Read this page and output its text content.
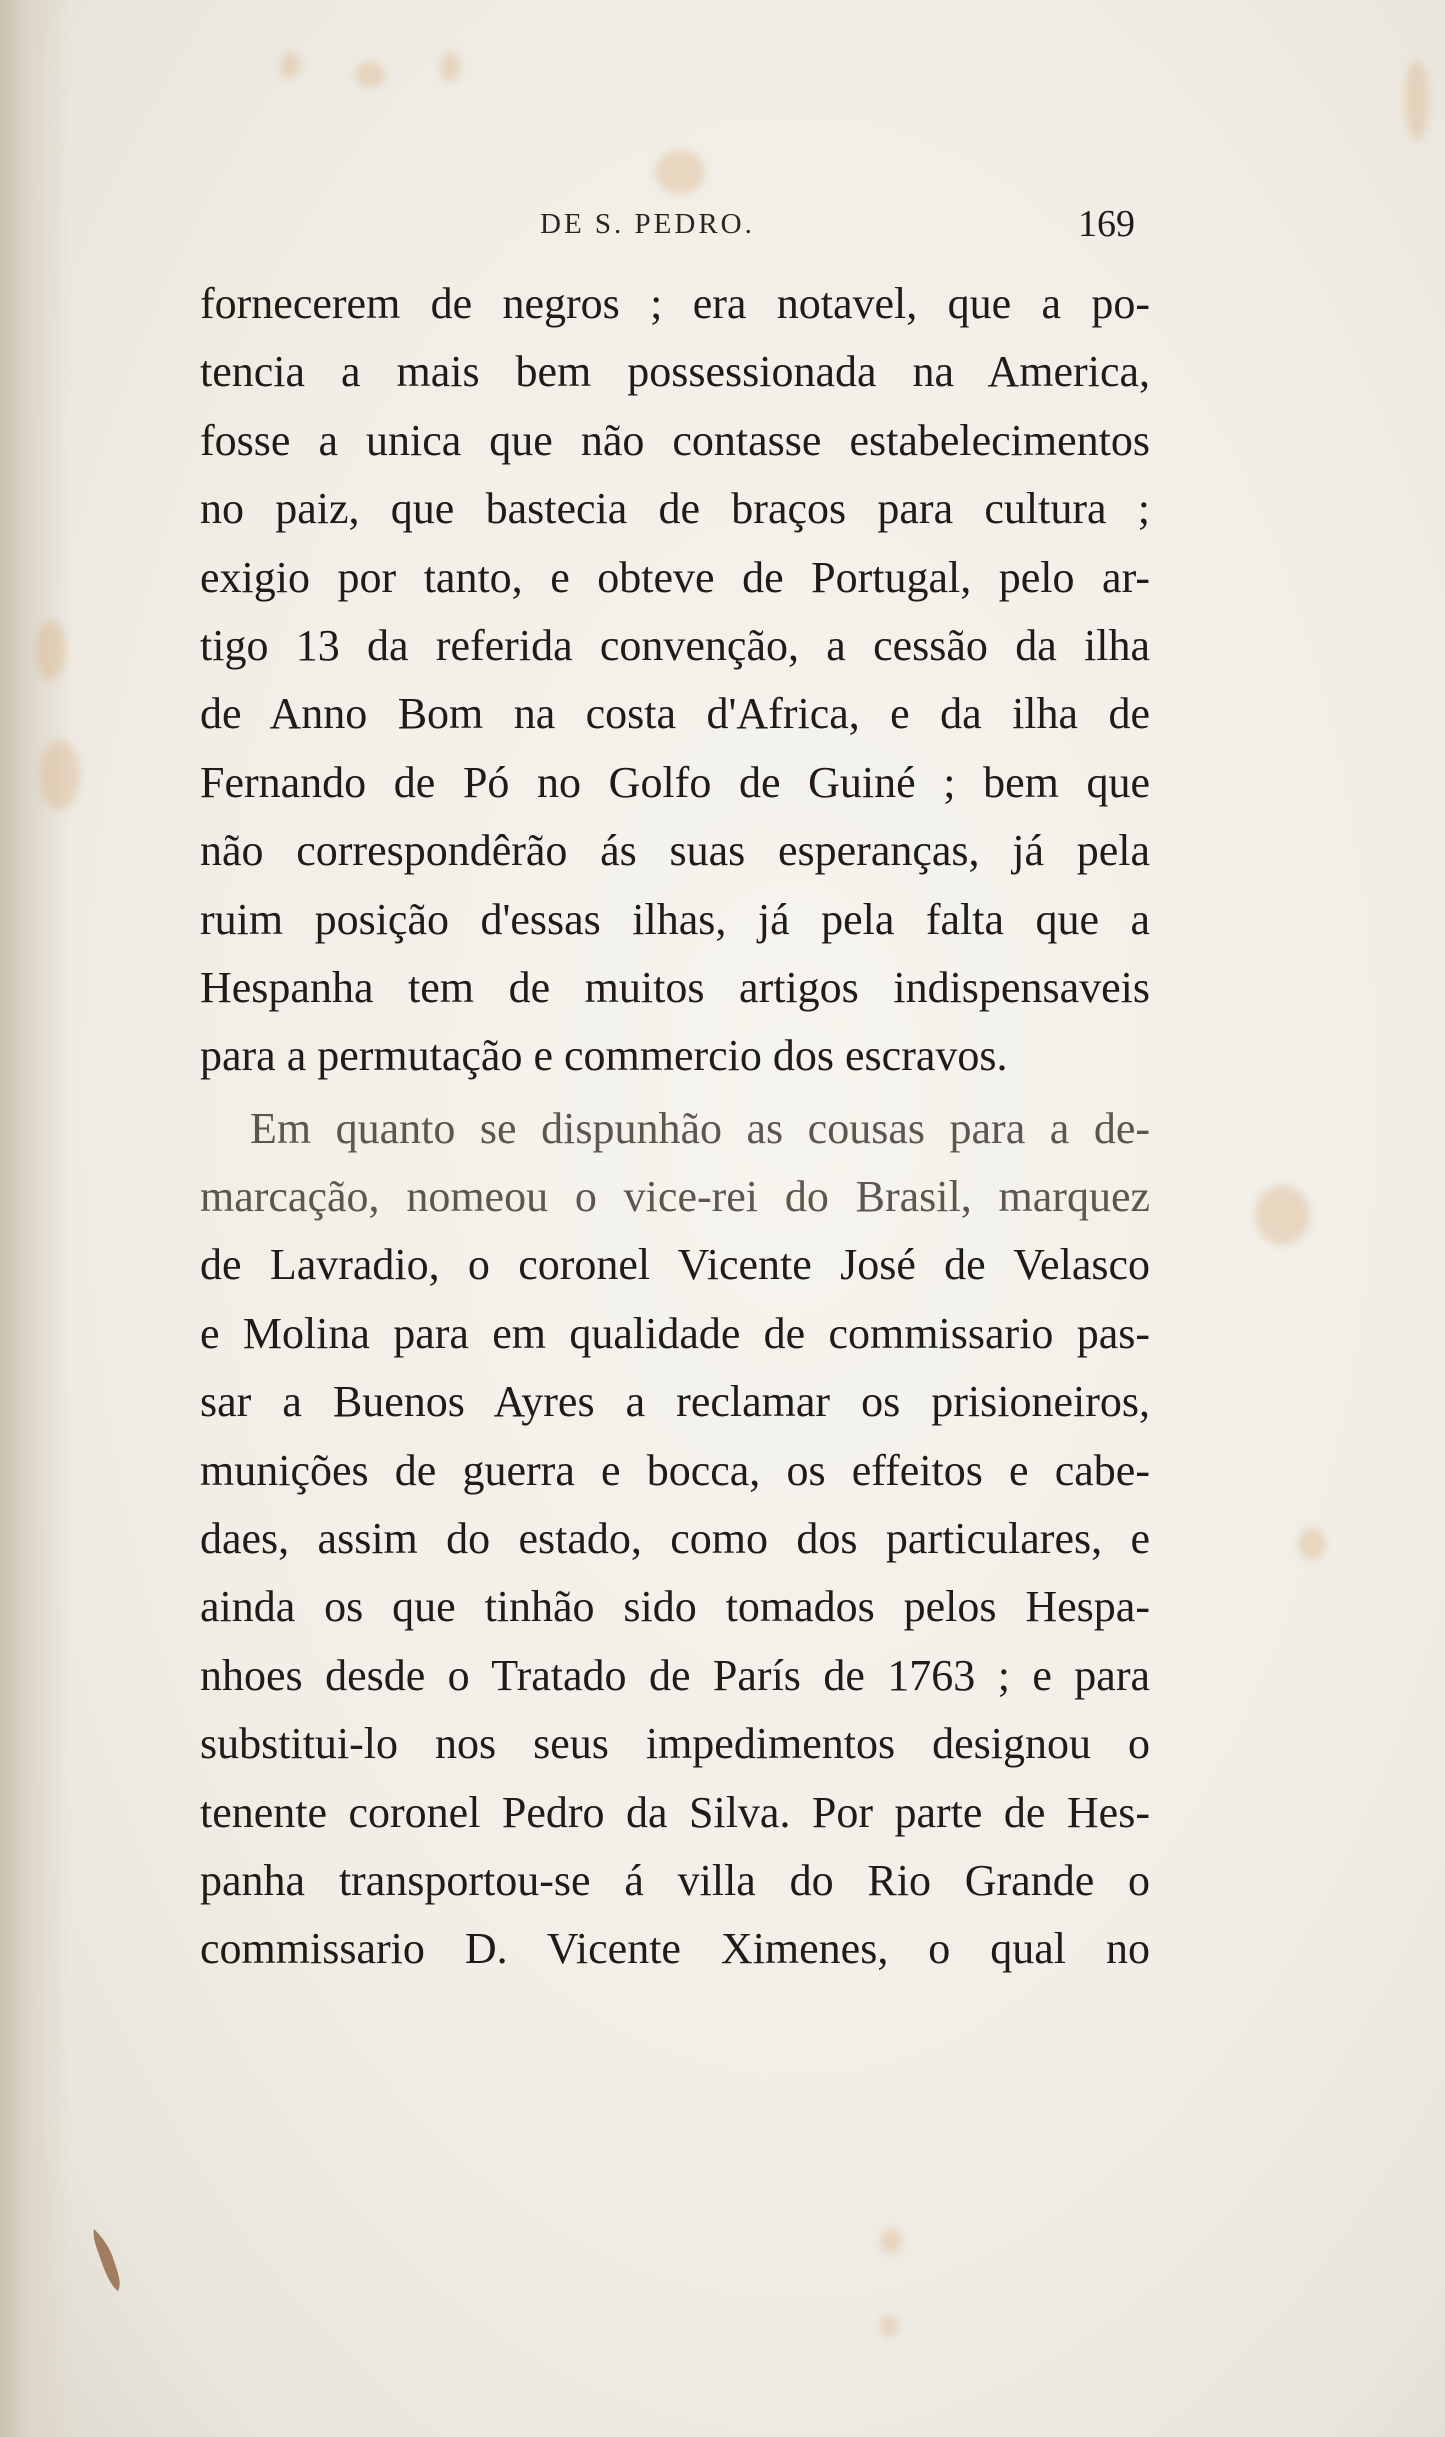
DE S. PEDRO.	169
fornecerem de negros ; era notavel, que a po-
tencia a mais bem possessionada na America,
fosse a unica que não contasse estabelecimentos
no paiz, que bastecia de braços para cultura ;
exigio por tanto, e obteve de Portugal, pelo ar-
tigo 13 da referida convenção, a cessão da ilha
de Anno Bom na costa d'Africa, e da ilha de
Fernando de Pó no Golfo de Guiné ; bem que
não correspondêrão ás suas esperanças, já pela
ruim posição d'essas ilhas, já pela falta que a
Hespanha tem de muitos artigos indispensaveis
para a permutação e commercio dos escravos.
Em quanto se dispunhão as cousas para a de-
marcação, nomeou o vice-rei do Brasil, marquez
de Lavradio, o coronel Vicente José de Velasco
e Molina para em qualidade de commissario pas-
sar a Buenos Ayres a reclamar os prisioneiros,
munições de guerra e bocca, os effeitos e cabe-
daes, assim do estado, como dos particulares, e
ainda os que tinhão sido tomados pelos Hespa-
nhoes desde o Tratado de París de 1763 ; e para
substitui-lo nos seus impedimentos designou o
tenente coronel Pedro da Silva. Por parte de Hes-
panha transportou-se á villa do Rio Grande o
commissario D. Vicente Ximenes, o qual no
